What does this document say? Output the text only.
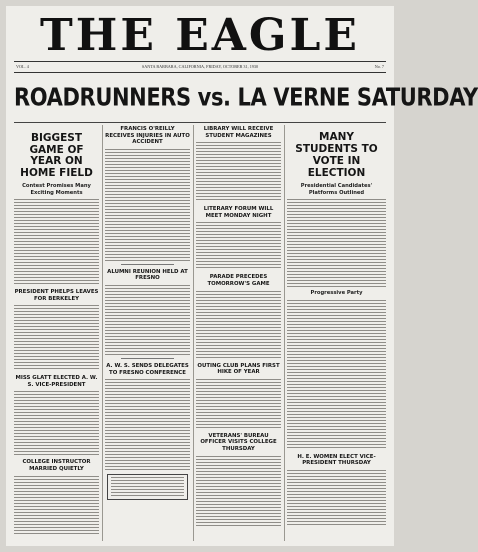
THE EAGLE
VOL. 4	SANTA BARBARA, CALIFORNIA, FRIDAY, OCTOBER 31, 1930	No. 7
ROADRUNNERS vs. LA VERNE SATURDAY
BIGGEST GAME OF YEAR ON HOME FIELD
Contest Promises Many Exciting Moments
PRESIDENT PHELPS LEAVES FOR BERKELEY
MISS GLATT ELECTED A. W. S. VICE-PRESIDENT
COLLEGE INSTRUCTOR MARRIED QUIETLY
FRANCIS O'REILLY RECEIVES INJURIES IN AUTO ACCIDENT
ALUMNI REUNION HELD AT FRESNO
A. W. S. SENDS DELEGATES TO FRESNO CONFERENCE
LIBRARY WILL RECEIVE STUDENT MAGAZINES
LITERARY FORUM WILL MEET MONDAY NIGHT
PARADE PRECEDES TOMORROW'S GAME
OUTING CLUB PLANS FIRST HIKE OF YEAR
VETERANS' BUREAU OFFICER VISITS COLLEGE THURSDAY
MANY STUDENTS TO VOTE IN ELECTION
Presidential Candidates' Platforms Outlined
Progressive Party
H. E. WOMEN ELECT VICE-PRESIDENT THURSDAY
